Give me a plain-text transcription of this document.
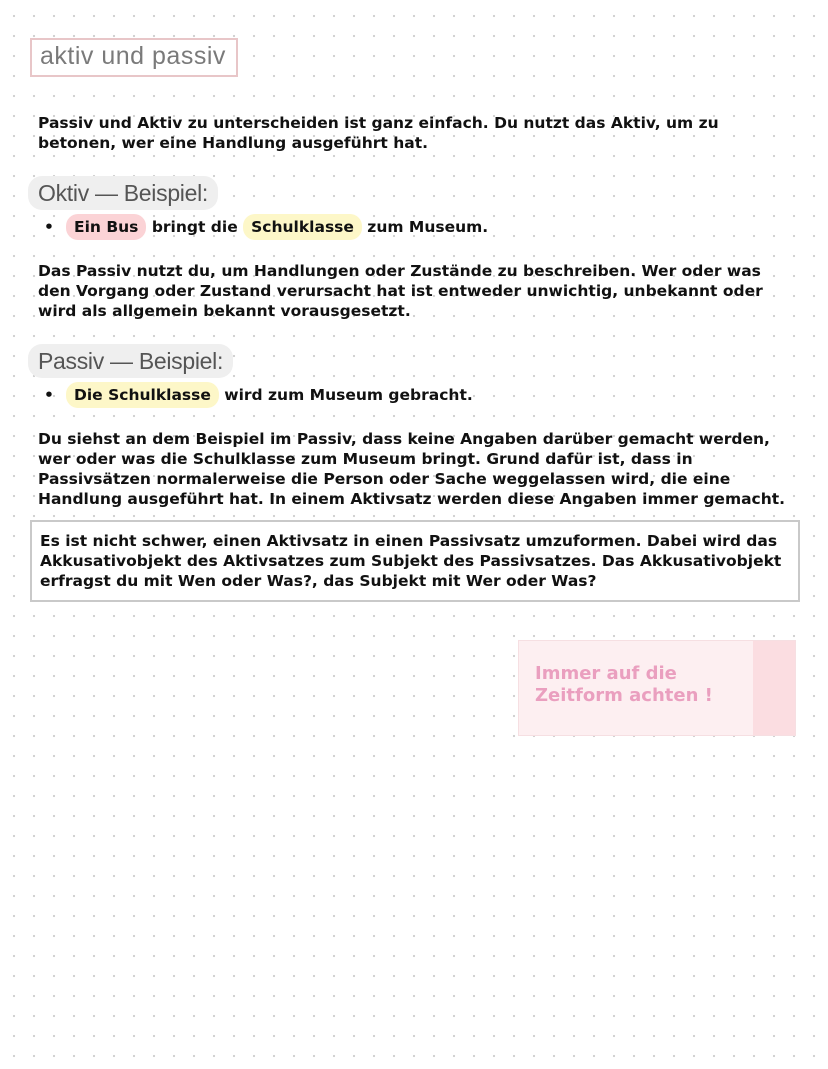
aktiv und passiv

Passiv und Aktiv zu unterscheiden ist ganz einfach. Du nutzt das Aktiv, um zu betonen, wer eine Handlung ausgeführt hat.

Oktiv — Beispiel:
• Ein Bus bringt die Schulklasse zum Museum.

Das Passiv nutzt du, um Handlungen oder Zustände zu beschreiben. Wer oder was den Vorgang oder Zustand verursacht hat ist entweder unwichtig, unbekannt oder wird als allgemein bekannt vorausgesetzt.

Passiv — Beispiel:
• Die Schulklasse wird zum Museum gebracht.

Du siehst an dem Beispiel im Passiv, dass keine Angaben darüber gemacht werden, wer oder was die Schulklasse zum Museum bringt. Grund dafür ist, dass in Passivsätzen normalerweise die Person oder Sache weggelassen wird, die eine Handlung ausgeführt hat. In einem Aktivsatz werden diese Angaben immer gemacht.

Es ist nicht schwer, einen Aktivsatz in einen Passivsatz umzuformen. Dabei wird das Akkusativobjekt des Aktivsatzes zum Subjekt des Passivsatzes. Das Akkusativobjekt erfragst du mit Wen oder Was?, das Subjekt mit Wer oder Was?

Immer auf die Zeitform achten !
